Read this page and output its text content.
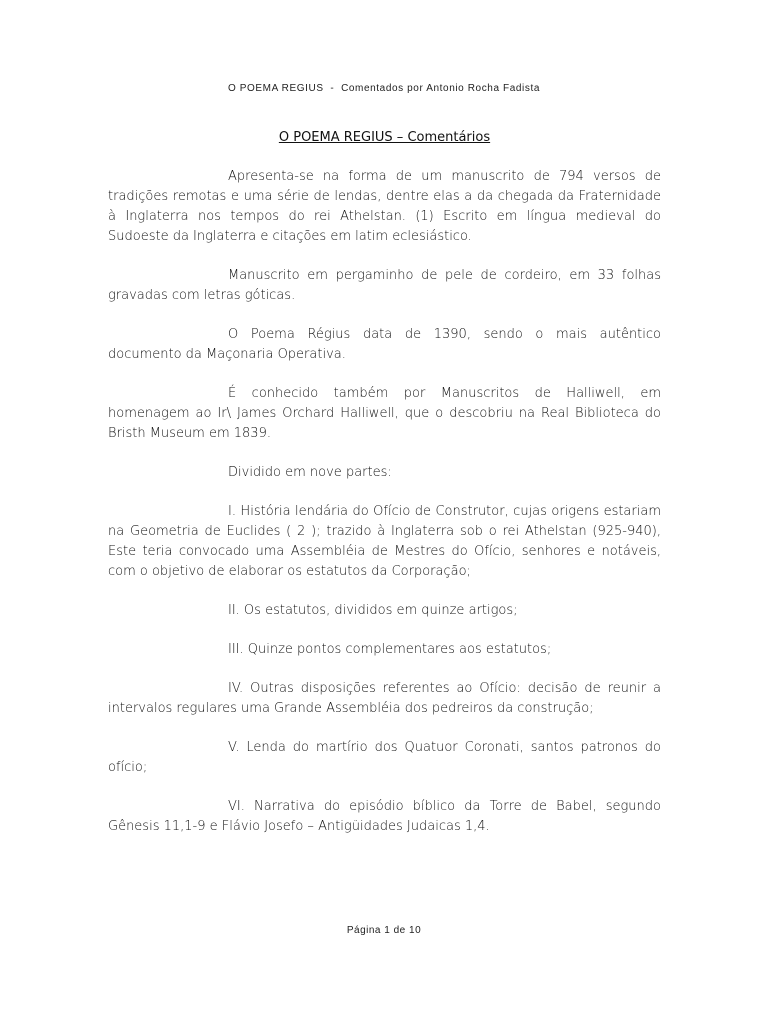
O POEMA REGIUS  -  Comentados por Antonio Rocha Fadista
O POEMA REGIUS – Comentários

Apresenta-se na forma de um manuscrito de 794 versos de tradições remotas e uma série de lendas, dentre elas a da chegada da Fraternidade à Inglaterra nos tempos do rei Athelstan. (1) Escrito em língua medieval do Sudoeste da Inglaterra e citações em latim eclesiástico.

Manuscrito em pergaminho de pele de cordeiro, em 33 folhas gravadas com letras góticas.

O Poema Régius data de 1390, sendo o mais autêntico documento da Maçonaria Operativa.

É conhecido também por Manuscritos de Halliwell, em homenagem ao Ir\ James Orchard Halliwell, que o descobriu na Real Biblioteca do Bristh Museum em 1839.

Dividido em nove partes:

I. História lendária do Ofício de Construtor, cujas origens estariam na Geometria de Euclides ( 2 ); trazido à Inglaterra sob o rei Athelstan (925-940), Este teria convocado uma Assembléia de Mestres do Ofício, senhores e notáveis, com o objetivo de elaborar os estatutos da Corporação;

II. Os estatutos, divididos em quinze artigos;

III. Quinze pontos complementares aos estatutos;

IV. Outras disposições referentes ao Ofício: decisão de reunir a intervalos regulares uma Grande Assembléia dos pedreiros da construção;

V. Lenda do martírio dos Quatuor Coronati, santos patronos do ofício;

VI. Narrativa do episódio bíblico da Torre de Babel, segundo Gênesis 11,1-9 e Flávio Josefo – Antigüidades Judaicas 1,4.

Página 1 de 10
